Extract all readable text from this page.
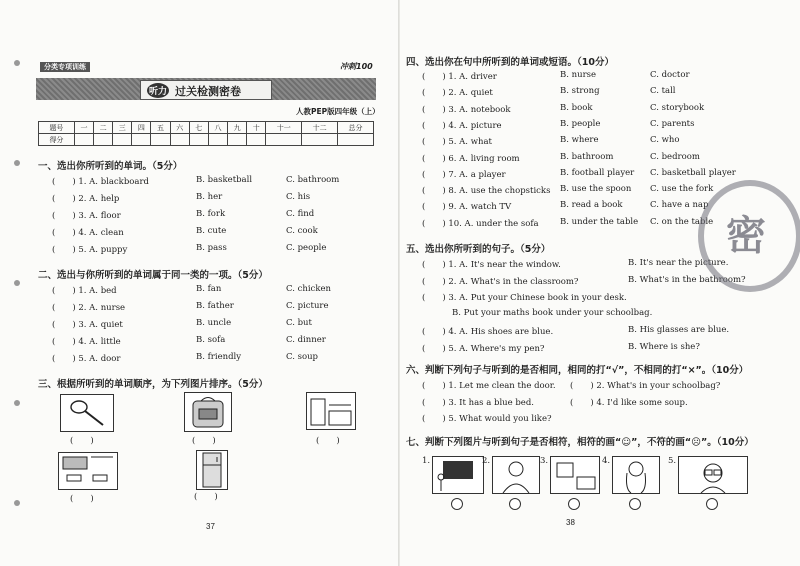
分类专项训练	冲刺100
听力 过关检测密卷
人教PEP版四年级（上）
题号	一	二	三	四	五	六	七	八	九	十	十一	十二	总分
得分													
一、选出你所听到的单词。（5分）
(　　) 1. A. blackboard	B. basketball	C. bathroom
(　　) 2. A. help	B. her	C. his
(　　) 3. A. floor	B. fork	C. find
(　　) 4. A. clean	B. cute	C. cook
(　　) 5. A. puppy	B. pass	C. people
二、选出与你所听到的单词属于同一类的一项。（5分）
(　　) 1. A. bed	B. fan	C. chicken
(　　) 2. A. nurse	B. father	C. picture
(　　) 3. A. quiet	B. uncle	C. but
(　　) 4. A. little	B. sofa	C. dinner
(　　) 5. A. door	B. friendly	C. soup
三、根据所听到的单词顺序，为下列图片排序。（5分）
(　　)	(　　)	(　　)
(　　)	(　　)
37
四、选出你在句中所听到的单词或短语。（10分）
(　　) 1. A. driver	B. nurse	C. doctor
(　　) 2. A. quiet	B. strong	C. tall
(　　) 3. A. notebook	B. book	C. storybook
(　　) 4. A. picture	B. people	C. parents
(　　) 5. A. what	B. where	C. who
(　　) 6. A. living room	B. bathroom	C. bedroom
(　　) 7. A. a player	B. football player C. basketball player
(　　) 8. A. use the chopsticks B. use the spoon C. use the fork
(　　) 9. A. watch TV	B. read a book	C. have a nap
(　　) 10. A. under the sofa	B. under the table C. on the table
五、选出你所听到的句子。（5分）
(　　) 1. A. It's near the window.	B. It's near the picture.
(　　) 2. A. What's in the classroom?	B. What's in the bathroom?
(　　) 3. A. Put your Chinese book in your desk.
B. Put your maths book under your schoolbag.
(　　) 4. A. His shoes are blue.	B. His glasses are blue.
(　　) 5. A. Where's my pen?	B. Where is she?
六、判断下列句子与听到的是否相同，相同的打“√”，不相同的打“×”。（10分）
(　　) 1. Let me clean the door. (　　) 2. What's in your schoolbag?
(　　) 3. It has a blue bed.	(　　) 4. I'd like some soup.
(　　) 5. What would you like?
七、判断下列图片与听到句子是否相符，相符的画“☺”，不符的画“☹”。（10分）
1.	2.	3.	4.	5.
38
密
